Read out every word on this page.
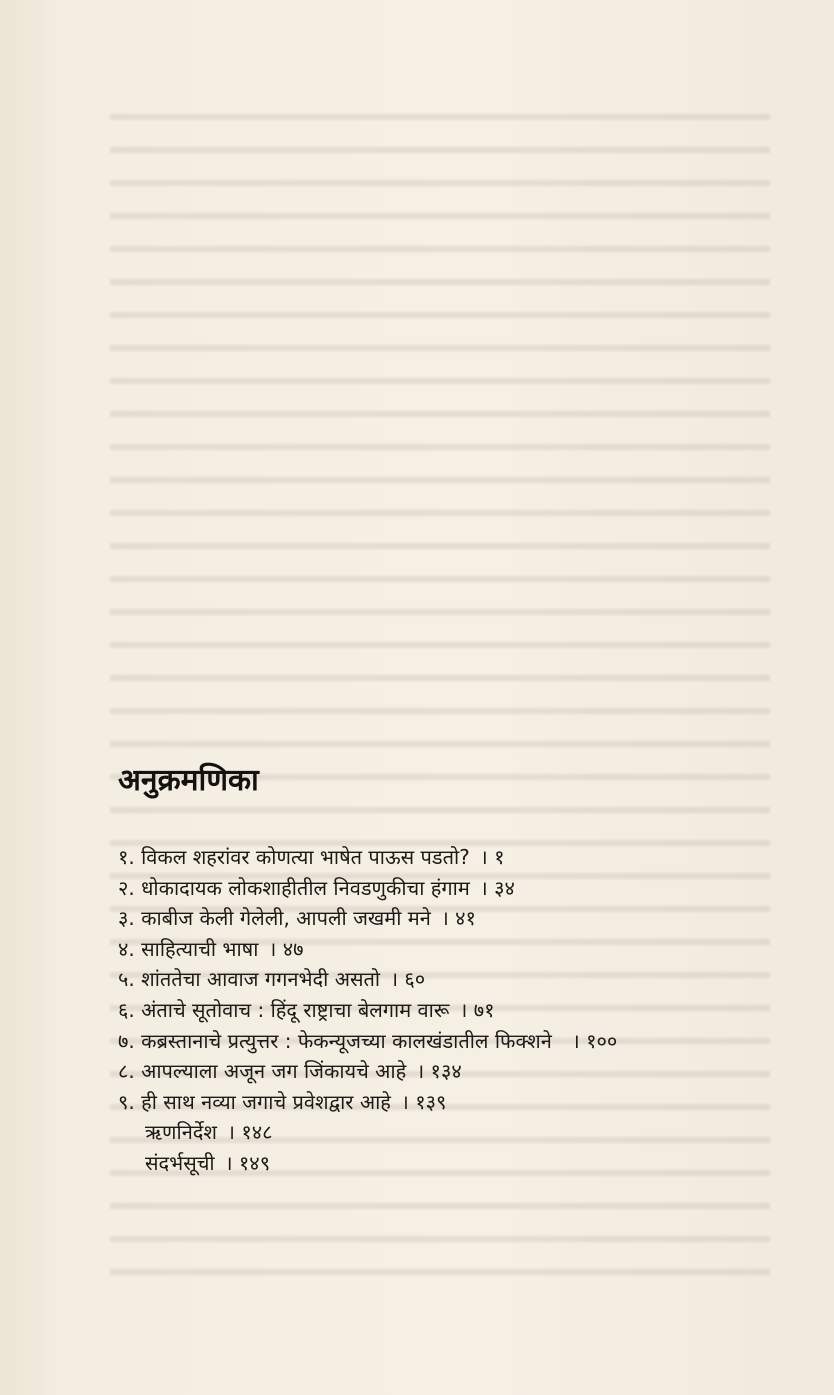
अनुक्रमणिका
१. विकल शहरांवर कोणत्या भाषेत पाऊस पडतो? । १
२. धोकादायक लोकशाहीतील निवडणुकीचा हंगाम । ३४
३. काबीज केली गेलेली, आपली जखमी मने । ४१
४. साहित्याची भाषा । ४७
५. शांततेचा आवाज गगनभेदी असतो । ६०
६. अंताचे सूतोवाच : हिंदू राष्ट्राचा बेलगाम वारू । ७१
७. कब्रस्तानाचे प्रत्युत्तर : फेकन्यूजच्या कालखंडातील फिक्शने । १००
८. आपल्याला अजून जग जिंकायचे आहे । १३४
९. ही साथ नव्या जगाचे प्रवेशद्वार आहे । १३९
ऋणनिर्देश । १४८
संदर्भसूची । १४९
